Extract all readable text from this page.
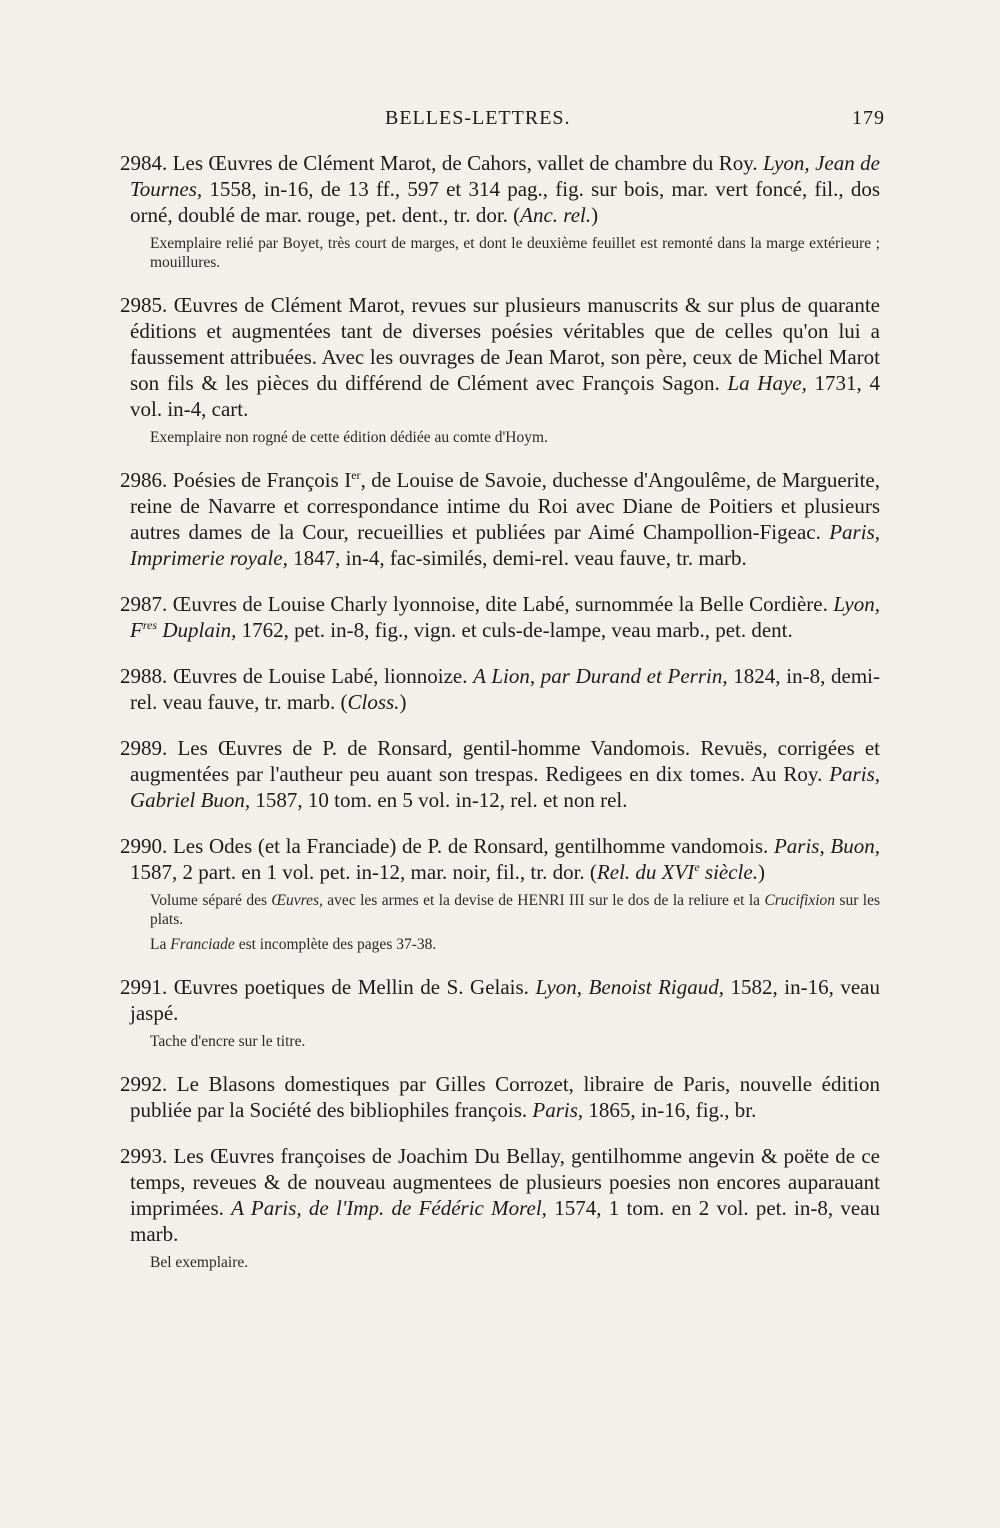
BELLES-LETTRES.	179
2984. Les Œuvres de Clément Marot, de Cahors, vallet de chambre du Roy. Lyon, Jean de Tournes, 1558, in-16, de 13 ff., 597 et 314 pag., fig. sur bois, mar. vert foncé, fil., dos orné, doublé de mar. rouge, pet. dent., tr. dor. (Anc. rel.)
Exemplaire relié par Boyet, très court de marges, et dont le deuxième feuillet est remonté dans la marge extérieure ; mouillures.
2985. Œuvres de Clément Marot, revues sur plusieurs manuscrits & sur plus de quarante éditions et augmentées tant de diverses poésies véritables que de celles qu'on lui a faussement attribuées. Avec les ouvrages de Jean Marot, son père, ceux de Michel Marot son fils & les pièces du différend de Clément avec François Sagon. La Haye, 1731, 4 vol. in-4, cart.
Exemplaire non rogné de cette édition dédiée au comte d'Hoym.
2986. Poésies de François Ier, de Louise de Savoie, duchesse d'Angoulême, de Marguerite, reine de Navarre et correspondance intime du Roi avec Diane de Poitiers et plusieurs autres dames de la Cour, recueillies et publiées par Aimé Champollion-Figeac. Paris, Imprimerie royale, 1847, in-4, fac-similés, demi-rel. veau fauve, tr. marb.
2987. Œuvres de Louise Charly lyonnoise, dite Labé, surnommée la Belle Cordière. Lyon, $F^{res}$ Duplain, 1762, pet. in-8, fig., vign. et culs-de-lampe, veau marb., pet. dent.
2988. Œuvres de Louise Labé, lionnoize. A Lion, par Durand et Perrin, 1824, in-8, demi-rel. veau fauve, tr. marb. (Closs.)
2989. Les Œuvres de P. de Ronsard, gentil-homme Vandomois. Revuës, corrigées et augmentées par l'autheur peu auant son trespas. Redigees en dix tomes. Au Roy. Paris, Gabriel Buon, 1587, 10 tom. en 5 vol. in-12, rel. et non rel.
2990. Les Odes (et la Franciade) de P. de Ronsard, gentilhomme vandomois. Paris, Buon, 1587, 2 part. en 1 vol. pet. in-12, mar. noir, fil., tr. dor. (Rel. du XVIe siècle.)
Volume séparé des Œuvres, avec les armes et la devise de HENRI III sur le dos de la reliure et la Crucifixion sur les plats.
La Franciade est incomplète des pages 37-38.
2991. Œuvres poetiques de Mellin de S. Gelais. Lyon, Benoist Rigaud, 1582, in-16, veau jaspé.
Tache d'encre sur le titre.
2992. Le Blasons domestiques par Gilles Corrozet, libraire de Paris, nouvelle édition publiée par la Société des bibliophiles françois. Paris, 1865, in-16, fig., br.
2993. Les Œuvres françoises de Joachim Du Bellay, gentilhomme angevin & poëte de ce temps, reveues & de nouveau augmentees de plusieurs poesies non encores auparauant imprimées. A Paris, de l'Imp. de Fédéric Morel, 1574, 1 tom. en 2 vol. pet. in-8, veau marb.
Bel exemplaire.
